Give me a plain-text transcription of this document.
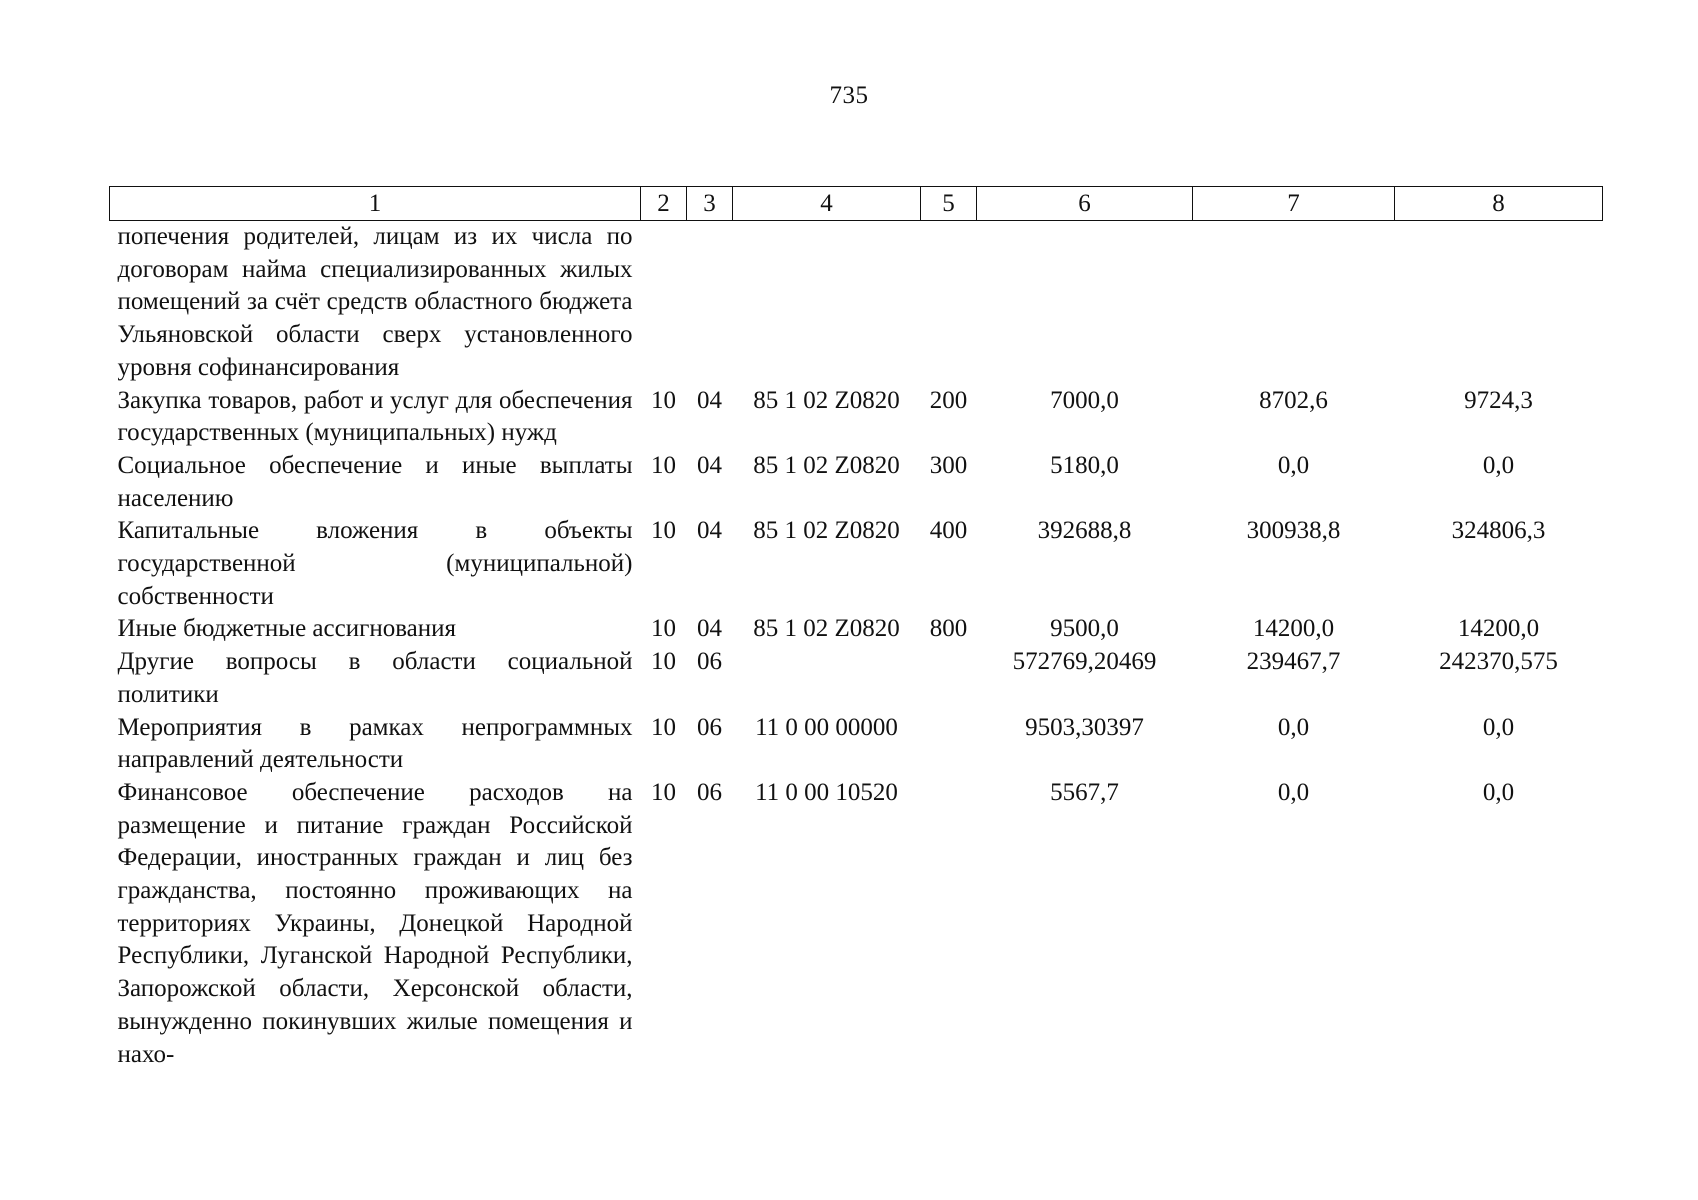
735
1	2	3	4	5	6	7	8
попечения родителей, лицам из их числа по договорам найма специализированных жилых помещений за счёт средств областного бюджета Ульяновской области сверх установленного уровня софинансирования							
Закупка товаров, работ и услуг для обеспечения государственных (муниципальных) нужд	10	04	85 1 02 Z0820	200	7000,0	8702,6	9724,3
Социальное обеспечение и иные выплаты населению	10	04	85 1 02 Z0820	300	5180,0	0,0	0,0
Капитальные вложения в объекты государственной (муниципальной) собственности	10	04	85 1 02 Z0820	400	392688,8	300938,8	324806,3
Иные бюджетные ассигнования	10	04	85 1 02 Z0820	800	9500,0	14200,0	14200,0
Другие вопросы в области социальной политики	10	06			572769,20469	239467,7	242370,575
Мероприятия в рамках непрограммных направлений деятельности	10	06	11 0 00 00000		9503,30397	0,0	0,0
Финансовое обеспечение расходов на размещение и питание граждан Российской Федерации, иностранных граждан и лиц без гражданства, постоянно проживающих на территориях Украины, Донецкой Народной Республики, Луганской Народной Республики, Запорожской области, Херсонской области, вынужденно покинувших жилые помещения и нахо-	10	06	11 0 00 10520		5567,7	0,0	0,0
